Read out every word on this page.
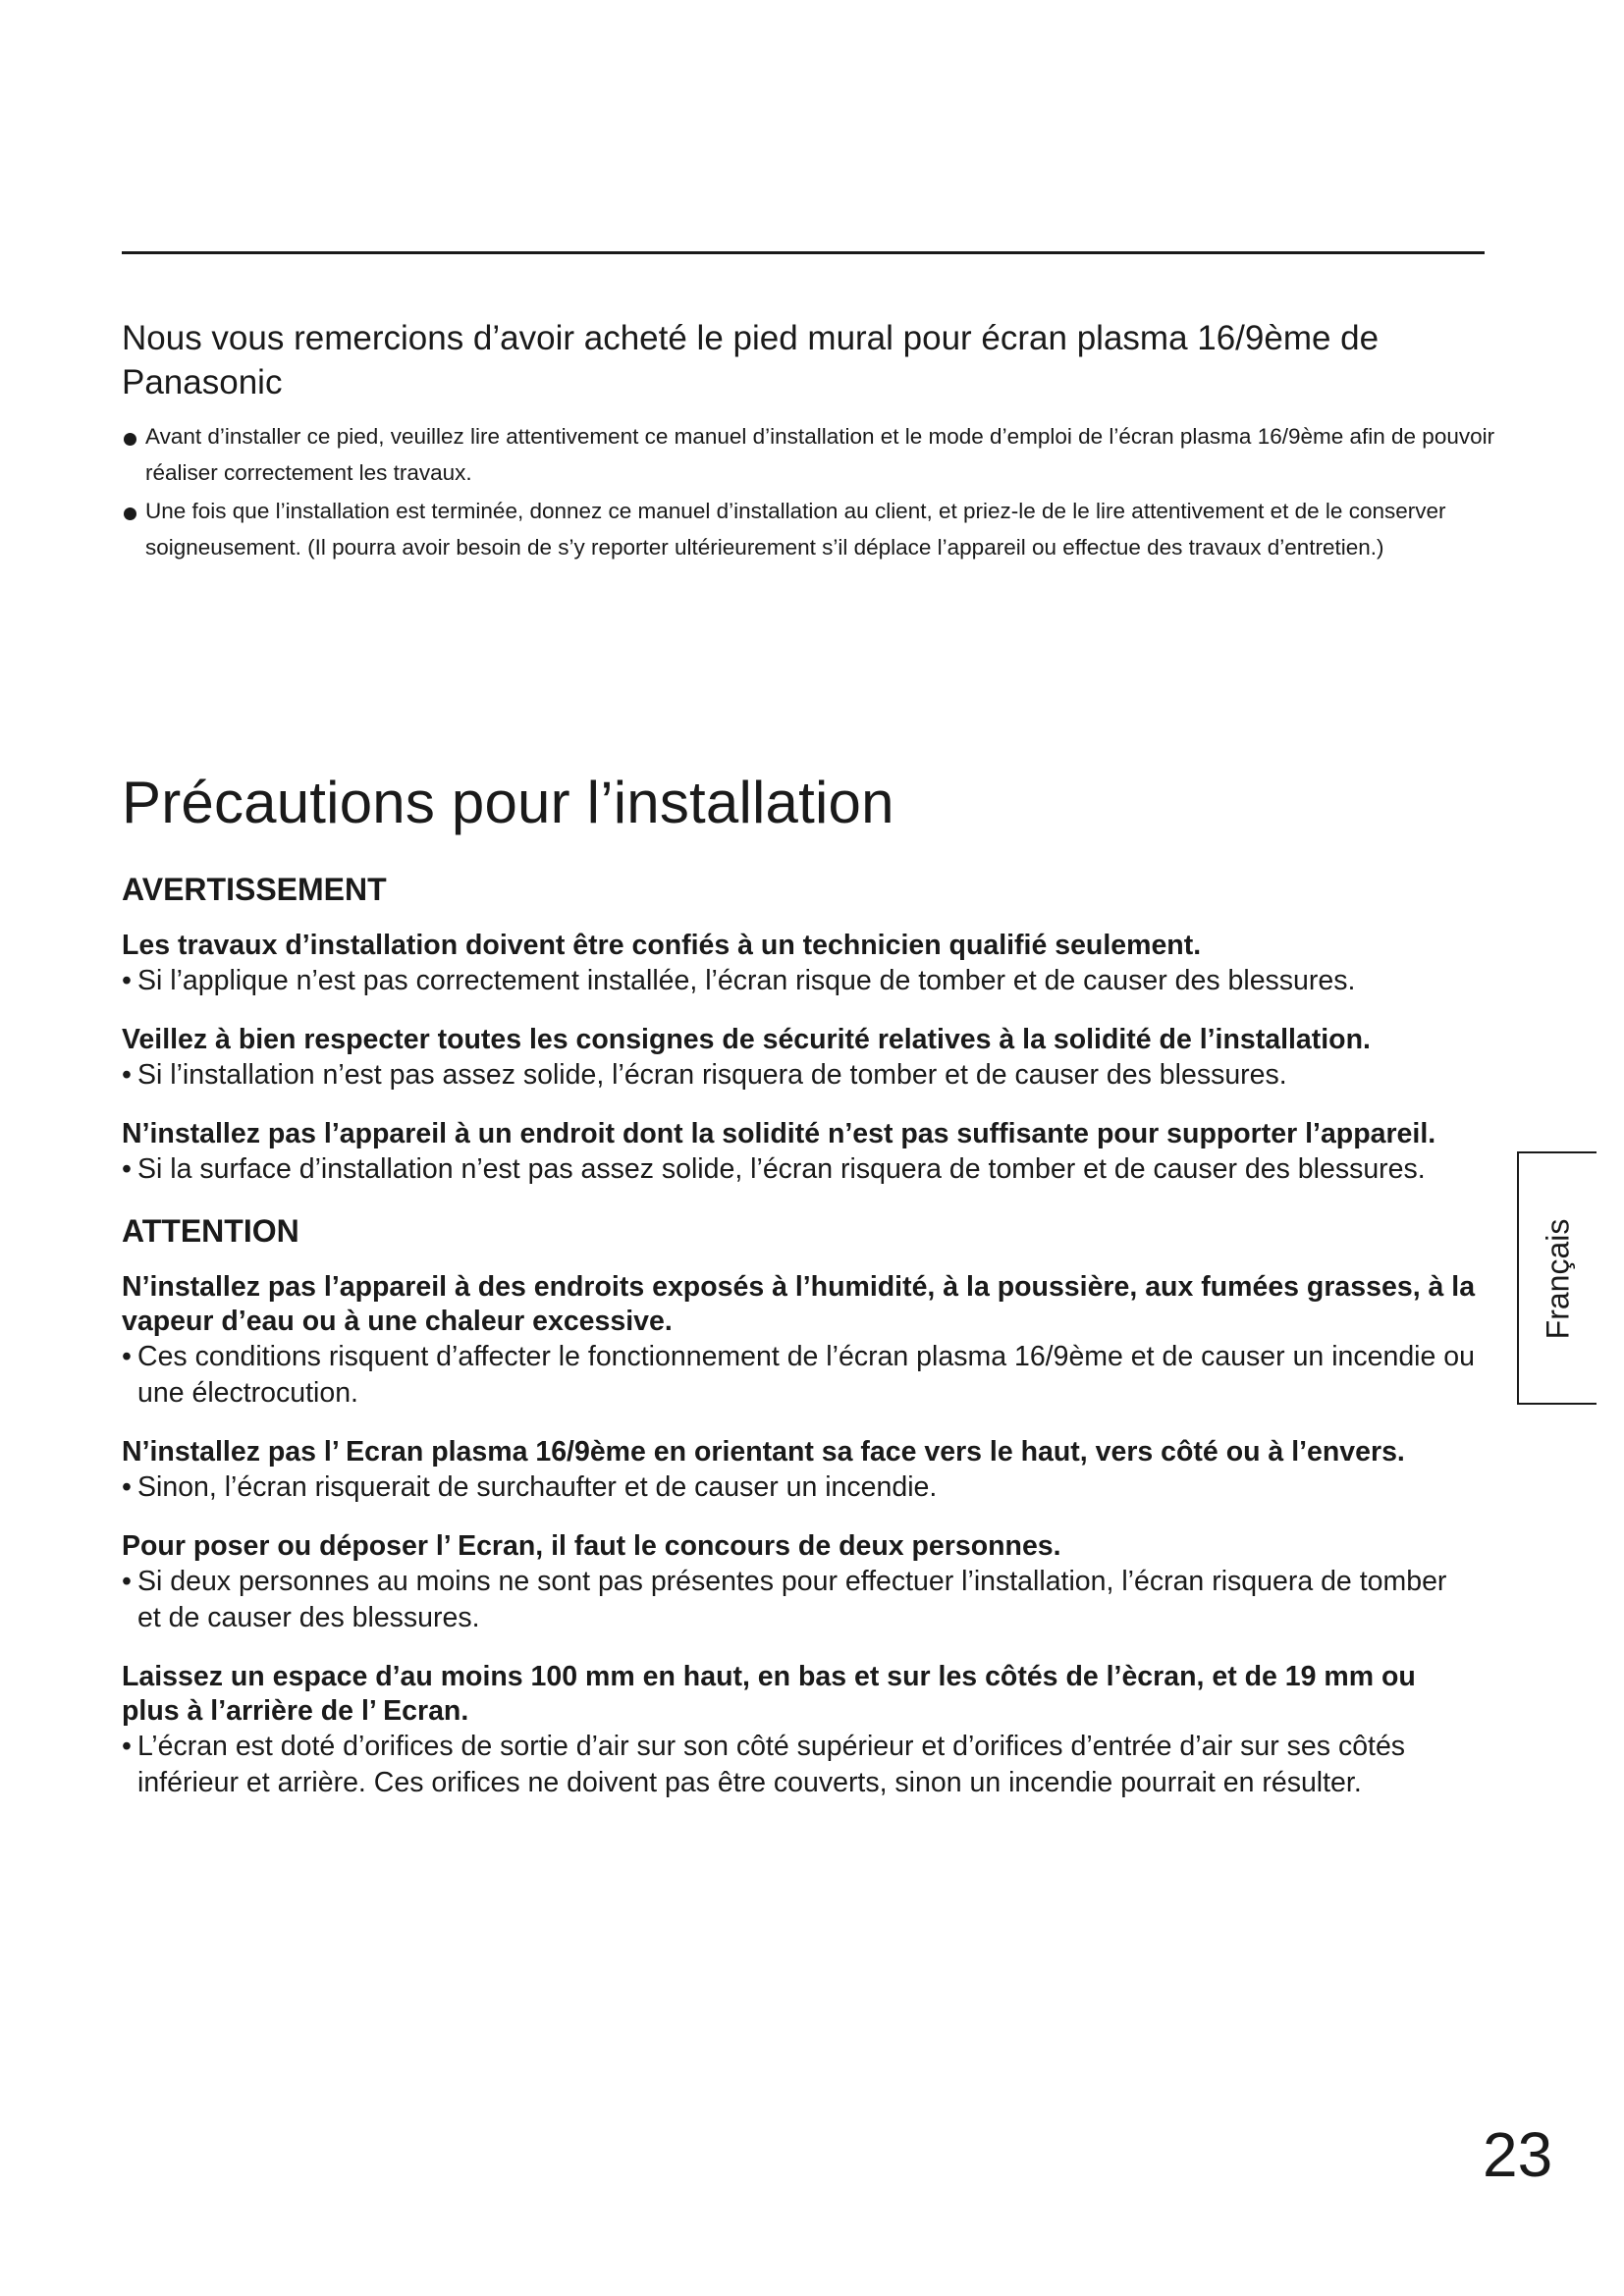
Nous vous remercions d’avoir acheté le pied mural pour écran plasma 16/9ème de Panasonic
Avant d’installer ce pied, veuillez lire attentivement ce manuel d’installation et le mode d’emploi de l’écran plasma 16/9ème afin de pouvoir réaliser correctement les travaux.
Une fois que l’installation est terminée, donnez ce manuel d’installation au client, et priez-le de le lire attentivement et de le conserver soigneusement. (Il pourra avoir besoin de s’y reporter ultérieurement s’il déplace l’appareil ou effectue des travaux d’entretien.)
Précautions pour l’installation
AVERTISSEMENT

Les travaux d’installation doivent être confiés à un technicien qualifié seulement.

• Si l’applique n’est pas correctement installée, l’écran risque de tomber et de causer des blessures.

Veillez à bien respecter toutes les consignes de sécurité relatives à la solidité de l’installation.

• Si l’installation n’est pas assez solide, l’écran risquera de tomber et de causer des blessures.

N’installez pas l’appareil à un endroit dont la solidité n’est pas suffisante pour supporter l’appareil.

• Si la surface d’installation n’est pas assez solide, l’écran risquera de tomber et de causer des blessures.

ATTENTION

N’installez pas l’appareil à des endroits exposés à l’humidité, à la poussière, aux fumées grasses, à la vapeur d’eau ou à une chaleur excessive.

• Ces conditions risquent d’affecter le fonctionnement de l’écran plasma 16/9ème et de causer un incendie ou une électrocution.

N’installez pas l’ Ecran plasma 16/9ème en orientant sa face vers le haut, vers côté ou à l’envers.

• Sinon, l’écran risquerait de surchaufter et de causer un incendie.

Pour poser ou déposer l’ Ecran, il faut le concours de deux personnes.

• Si deux personnes au moins ne sont pas présentes pour effectuer l’installation, l’écran risquera de tomber et de causer des blessures.

Laissez un espace d’au moins 100 mm en haut, en bas et sur les côtés de l’ècran, et de 19 mm ou plus à l’arrière de l’ Ecran.

• L’écran est doté d’orifices de sortie d’air sur son côté supérieur et d’orifices d’entrée d’air sur ses côtés inférieur et arrière. Ces orifices ne doivent pas être couverts, sinon un incendie pourrait en résulter.

Français
23
